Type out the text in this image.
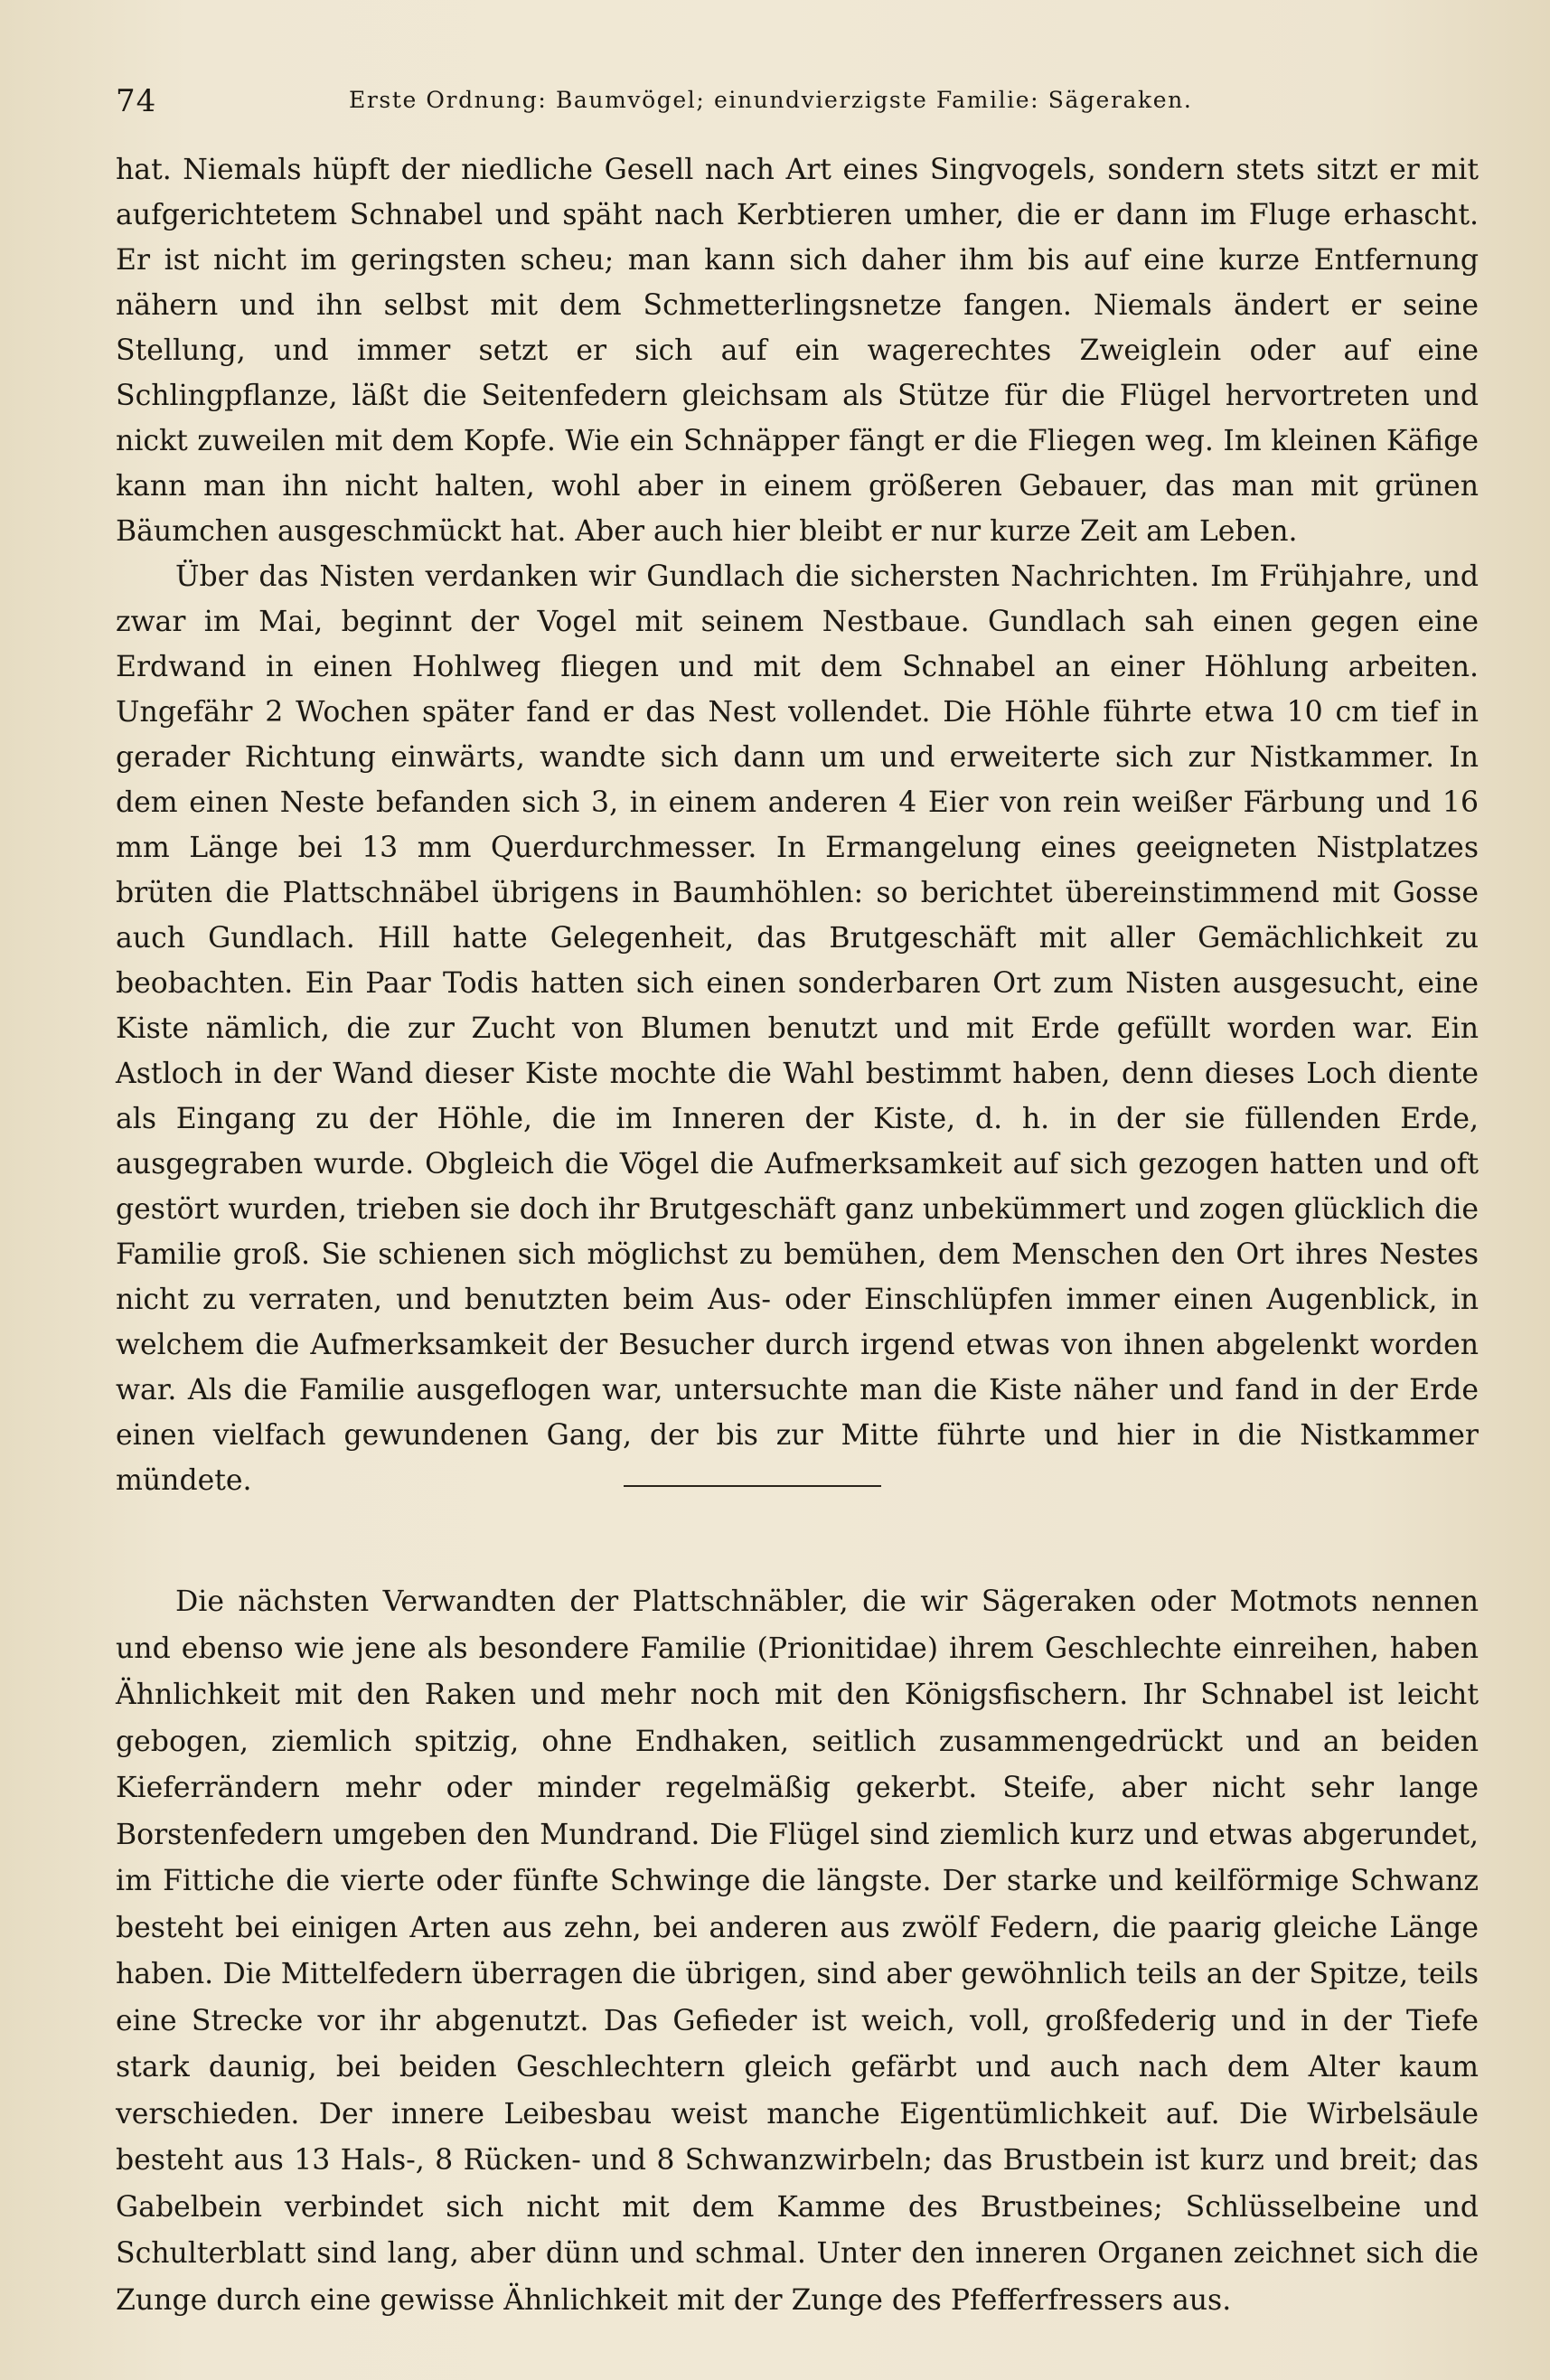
74	Erste Ordnung: Baumvögel; einundvierzigste Familie: Sägeraken.

hat. Niemals hüpft der niedliche Gesell nach Art eines Singvogels, sondern stets sitzt er mit aufgerichtetem Schnabel und späht nach Kerbtieren umher, die er dann im Fluge erhascht. Er ist nicht im geringsten scheu; man kann sich daher ihm bis auf eine kurze Entfernung nähern und ihn selbst mit dem Schmetterlingsnetze fangen. Niemals ändert er seine Stellung, und immer setzt er sich auf ein wagerechtes Zweiglein oder auf eine Schlingpflanze, läßt die Seitenfedern gleichsam als Stütze für die Flügel hervortreten und nickt zuweilen mit dem Kopfe. Wie ein Schnäpper fängt er die Fliegen weg. Im kleinen Käfige kann man ihn nicht halten, wohl aber in einem größeren Gebauer, das man mit grünen Bäumchen ausgeschmückt hat. Aber auch hier bleibt er nur kurze Zeit am Leben.

Über das Nisten verdanken wir Gundlach die sichersten Nachrichten. Im Frühjahre, und zwar im Mai, beginnt der Vogel mit seinem Nestbaue. Gundlach sah einen gegen eine Erdwand in einen Hohlweg fliegen und mit dem Schnabel an einer Höhlung arbeiten. Ungefähr 2 Wochen später fand er das Nest vollendet. Die Höhle führte etwa 10 cm tief in gerader Richtung einwärts, wandte sich dann um und erweiterte sich zur Nistkammer. In dem einen Neste befanden sich 3, in einem anderen 4 Eier von rein weißer Färbung und 16 mm Länge bei 13 mm Querdurchmesser. In Ermangelung eines geeigneten Nistplatzes brüten die Plattschnäbel übrigens in Baumhöhlen: so berichtet übereinstimmend mit Gosse auch Gundlach. Hill hatte Gelegenheit, das Brutgeschäft mit aller Gemächlichkeit zu beobachten. Ein Paar Todis hatten sich einen sonderbaren Ort zum Nisten ausgesucht, eine Kiste nämlich, die zur Zucht von Blumen benutzt und mit Erde gefüllt worden war. Ein Astloch in der Wand dieser Kiste mochte die Wahl bestimmt haben, denn dieses Loch diente als Eingang zu der Höhle, die im Inneren der Kiste, d. h. in der sie füllenden Erde, ausgegraben wurde. Obgleich die Vögel die Aufmerksamkeit auf sich gezogen hatten und oft gestört wurden, trieben sie doch ihr Brutgeschäft ganz unbekümmert und zogen glücklich die Familie groß. Sie schienen sich möglichst zu bemühen, dem Menschen den Ort ihres Nestes nicht zu verraten, und benutzten beim Aus- oder Einschlüpfen immer einen Augenblick, in welchem die Aufmerksamkeit der Besucher durch irgend etwas von ihnen abgelenkt worden war. Als die Familie ausgeflogen war, untersuchte man die Kiste näher und fand in der Erde einen vielfach gewundenen Gang, der bis zur Mitte führte und hier in die Nistkammer mündete.

Die nächsten Verwandten der Plattschnäbler, die wir Sägeraken oder Motmots nennen und ebenso wie jene als besondere Familie (Prionitidae) ihrem Geschlechte einreihen, haben Ähnlichkeit mit den Raken und mehr noch mit den Königsfischern. Ihr Schnabel ist leicht gebogen, ziemlich spitzig, ohne Endhaken, seitlich zusammengedrückt und an beiden Kieferrändern mehr oder minder regelmäßig gekerbt. Steife, aber nicht sehr lange Borstenfedern umgeben den Mundrand. Die Flügel sind ziemlich kurz und etwas abgerundet, im Fittiche die vierte oder fünfte Schwinge die längste. Der starke und keilförmige Schwanz besteht bei einigen Arten aus zehn, bei anderen aus zwölf Federn, die paarig gleiche Länge haben. Die Mittelfedern überragen die übrigen, sind aber gewöhnlich teils an der Spitze, teils eine Strecke vor ihr abgenutzt. Das Gefieder ist weich, voll, großfederig und in der Tiefe stark daunig, bei beiden Geschlechtern gleich gefärbt und auch nach dem Alter kaum verschieden. Der innere Leibesbau weist manche Eigentümlichkeit auf. Die Wirbelsäule besteht aus 13 Hals-, 8 Rücken- und 8 Schwanzwirbeln; das Brustbein ist kurz und breit; das Gabelbein verbindet sich nicht mit dem Kamme des Brustbeines; Schlüsselbeine und Schulterblatt sind lang, aber dünn und schmal. Unter den inneren Organen zeichnet sich die Zunge durch eine gewisse Ähnlichkeit mit der Zunge des Pfefferfressers aus.
